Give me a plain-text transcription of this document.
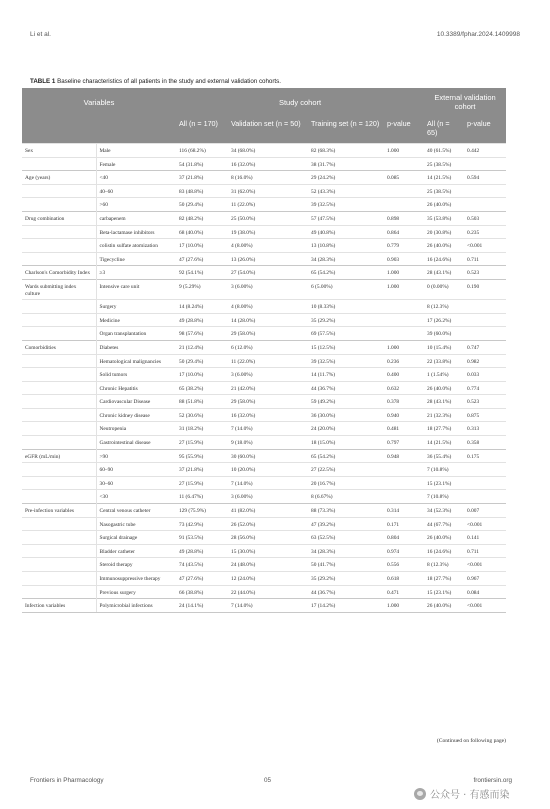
Li et al.	10.3389/fphar.2024.1409998
TABLE 1 Baseline characteristics of all patients in the study and external validation cohorts.
Variables		Study cohort				External validation cohort	
		All (n = 170)	Validation set (n = 50)	Training set (n = 120)	p-value	All (n = 65)	p-value
Sex	Male	116 (68.2%)	34 (68.0%)	82 (68.3%)	1.000	40 (61.5%)	0.442
	Female	54 (31.8%)	16 (32.0%)	38 (31.7%)		25 (38.5%)	
Age (years)	<40	37 (21.8%)	8 (16.0%)	29 (24.2%)	0.085	14 (21.5%)	0.594
	40–60	83 (48.8%)	31 (62.0%)	52 (43.3%)		25 (38.5%)	
	>60	50 (29.4%)	11 (22.0%)	39 (32.5%)		26 (40.0%)	
Drug combination	carbapenem	82 (48.2%)	25 (50.0%)	57 (47.5%)	0.898	35 (53.8%)	0.503
	Beta-lactamase inhibitors	68 (40.0%)	19 (38.0%)	49 (40.8%)	0.864	20 (30.8%)	0.235
	colistin sulfate atomization	17 (10.0%)	4 (8.00%)	13 (10.8%)	0.779	26 (40.0%)	<0.001
	Tigecycline	47 (27.6%)	13 (26.0%)	34 (28.3%)	0.903	16 (24.6%)	0.711
Charlson's Comorbidity Index	≥3	92 (54.1%)	27 (54.0%)	65 (54.2%)	1.000	28 (43.1%)	0.523
Wards submitting index culture	Intensive care unit	9 (5.29%)	3 (6.00%)	6 (5.00%)	1.000	0 (0.00%)	0.190
	Surgery	14 (8.24%)	4 (8.00%)	10 (8.33%)		8 (12.3%)	
	Medicine	49 (28.8%)	14 (28.0%)	35 (29.2%)		17 (26.2%)	
	Organ transplantation	98 (57.6%)	29 (58.0%)	69 (57.5%)		39 (60.0%)	
Comorbidities	Diabetes	21 (12.4%)	6 (12.0%)	15 (12.5%)	1.000	10 (15.4%)	0.747
	Hematological malignancies	50 (29.4%)	11 (22.0%)	39 (32.5%)	0.236	22 (33.8%)	0.982
	Solid tumors	17 (10.0%)	3 (6.00%)	14 (11.7%)	0.400	1 (1.54%)	0.033
	Chronic Hepatitis	65 (38.2%)	21 (42.0%)	44 (36.7%)	0.632	26 (40.0%)	0.774
	Cardiovascular Disease	88 (51.8%)	29 (58.0%)	59 (49.2%)	0.378	28 (43.1%)	0.523
	Chronic kidney disease	52 (30.6%)	16 (32.0%)	36 (30.0%)	0.940	21 (32.3%)	0.875
	Neutropenia	31 (18.2%)	7 (14.0%)	24 (20.0%)	0.481	18 (27.7%)	0.313
	Gastrointestinal disease	27 (15.9%)	9 (18.0%)	18 (15.0%)	0.797	14 (21.5%)	0.358
eGFR (mL/min)	>90	95 (55.9%)	30 (60.0%)	65 (54.2%)	0.948	36 (55.4%)	0.175
	60–90	37 (21.8%)	10 (20.0%)	27 (22.5%)		7 (10.8%)	
	30–60	27 (15.9%)	7 (14.0%)	20 (16.7%)		15 (23.1%)	
	<30	11 (6.47%)	3 (6.00%)	8 (6.67%)		7 (10.8%)	
Pre-infection variables	Central venous catheter	129 (75.9%)	41 (82.0%)	88 (73.3%)	0.314	34 (52.3%)	0.007
	Nasogastric tube	73 (42.9%)	26 (52.0%)	47 (39.2%)	0.171	44 (67.7%)	<0.001
	Surgical drainage	91 (53.5%)	28 (56.0%)	63 (52.5%)	0.804	26 (40.0%)	0.141
	Bladder catheter	49 (28.8%)	15 (30.0%)	34 (28.3%)	0.974	16 (24.6%)	0.711
	Steroid therapy	74 (43.5%)	24 (48.0%)	50 (41.7%)	0.556	8 (12.3%)	<0.001
	Immunosuppressive therapy	47 (27.6%)	12 (24.0%)	35 (29.2%)	0.618	18 (27.7%)	0.967
	Previous surgery	66 (38.8%)	22 (44.0%)	44 (36.7%)	0.471	15 (23.1%)	0.084
Infection variables	Polymicrobial infections	24 (14.1%)	7 (14.0%)	17 (14.2%)	1.000	26 (40.0%)	<0.001
(Continued on following page)
Frontiers in Pharmacology	05	frontiersin.org
公众号 · 有感而染
